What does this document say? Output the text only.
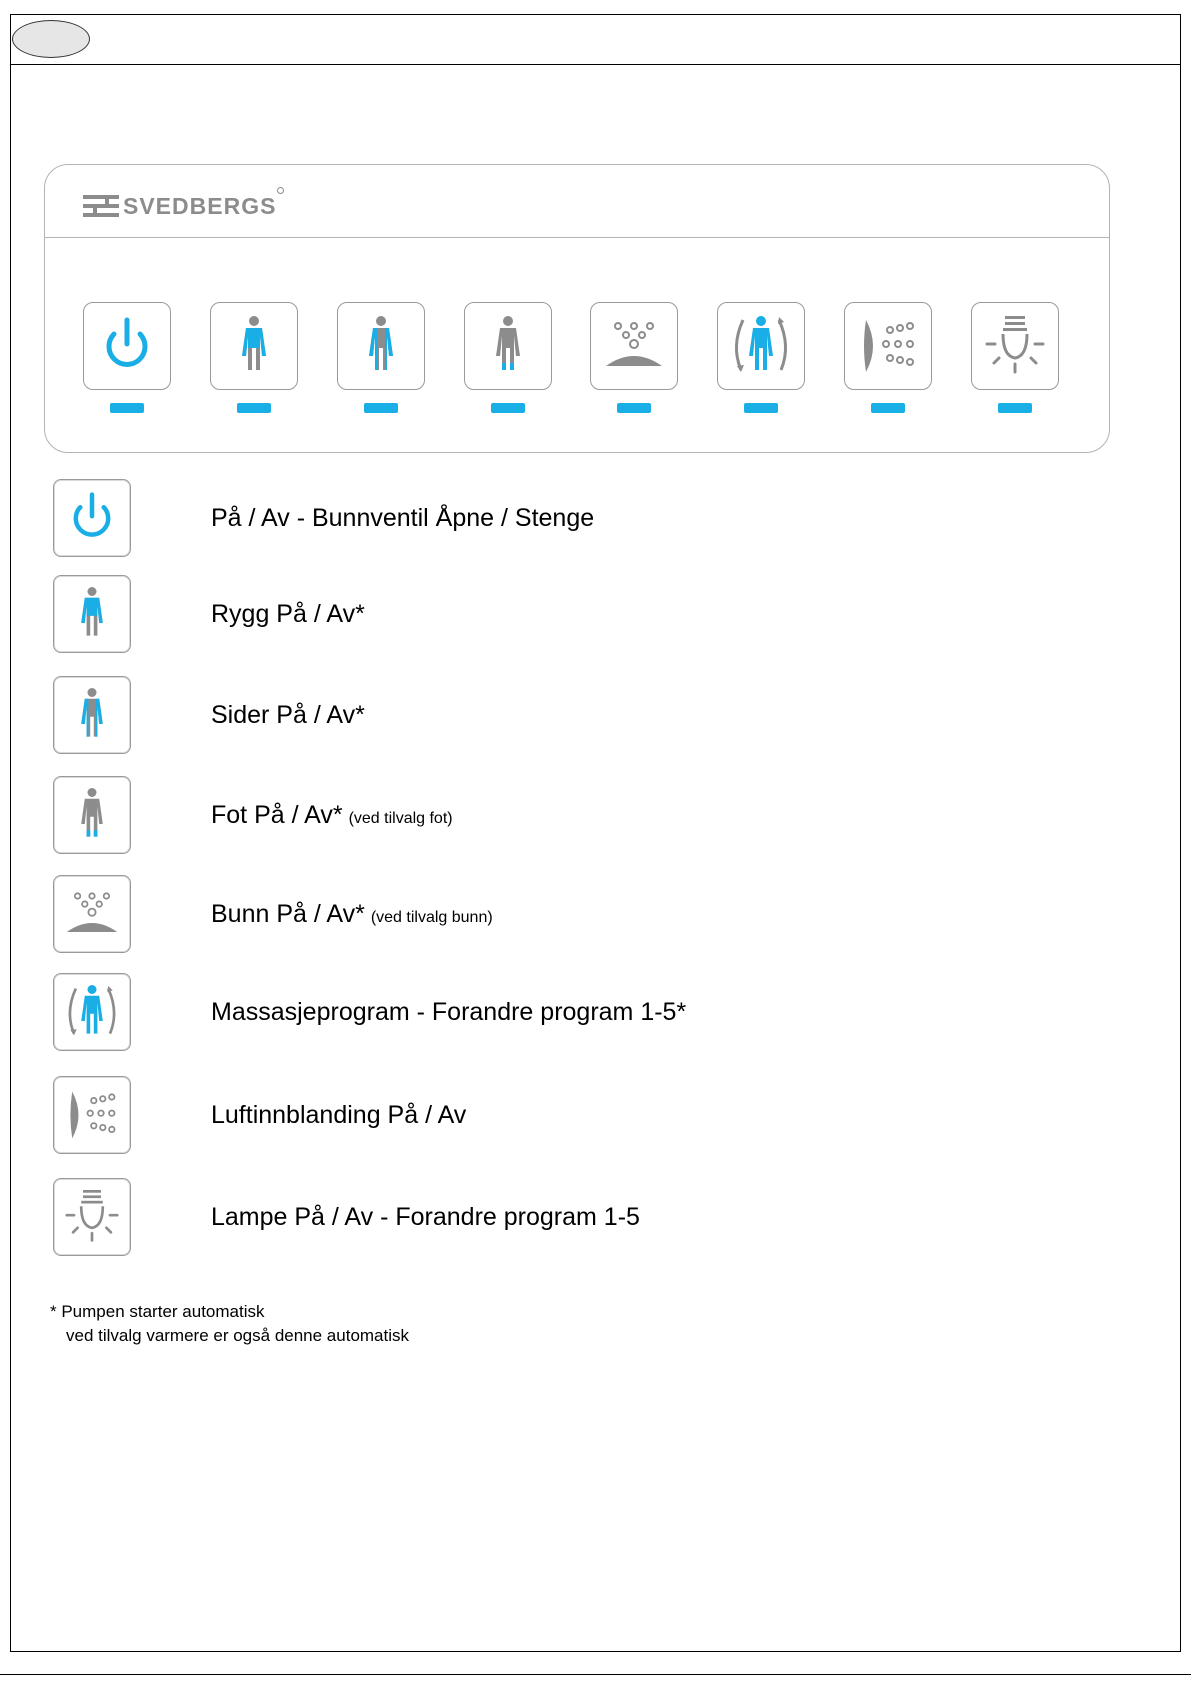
SVEDBERGS
På / Av - Bunnventil Åpne / Stenge
Rygg På / Av*
Sider På / Av*
Fot På / Av* (ved tilvalg fot)
Bunn På / Av* (ved tilvalg bunn)
Massasjeprogram - Forandre program 1-5*
Luftinnblanding På / Av
Lampe På / Av - Forandre program 1-5
* Pumpen starter automatisk
ved tilvalg varmere er også denne automatisk
